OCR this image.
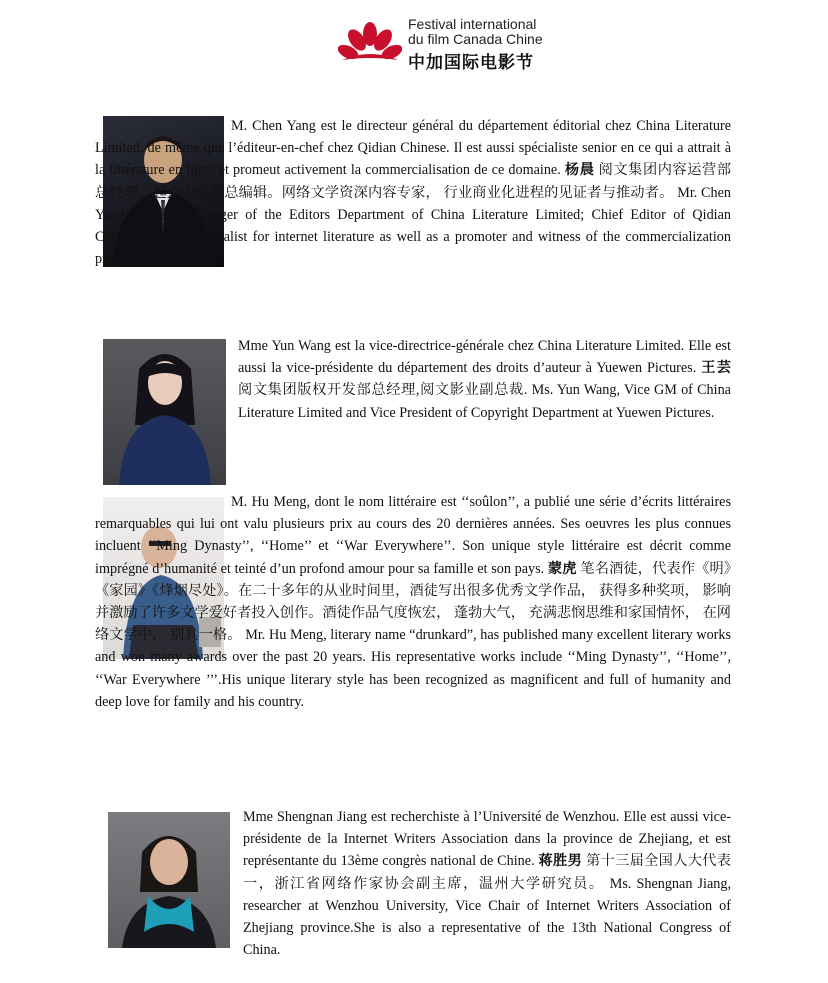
Festival international
du film Canada Chine
中加国际电影节

M. Chen Yang est le directeur général du département éditorial chez China Literature Limited, de même que l’éditeur-en-chef chez Qidian Chinese. Il est aussi spécialiste senior en ce qui a attrait à la littérature en ligne et promeut activement la commercialisation de ce domaine. 杨晨 阅文集团内容运营部总经理、起点中文网总编辑。网络文学资深内容专家， 行业商业化进程的见证者与推动者。 Mr. Chen Yang, General Manager of the Editors Department of China Literature Limited; Chief Editor of Qidian Chinese; Senior Specialist for internet literature as well as a promoter and witness of the commercialization process of this field.

Mme Yun Wang est la vice-directrice-générale chez China Literature Limited. Elle est aussi la vice-présidente du département des droits d’auteur à Yuewen Pictures. 王芸 阅文集团版权开发部总经理,阅文影业副总裁. Ms. Yun Wang, Vice GM of China Literature Limited and Vice President of Copyright Department at Yuewen Pictures.

M. Hu Meng, dont le nom littéraire est ‘‘soûlon’’, a publié une série d’écrits littéraires remarquables qui lui ont valu plusieurs prix au cours des 20 dernières années. Ses oeuvres les plus connues incluent ‘‘Ming Dynasty’’, ‘‘Home’’ et ‘‘War Everywhere’’. Son unique style littéraire est décrit comme imprégné d’humanité et teinté d’un profond amour pour sa famille et son pays. 蒙虎 笔名酒徒，代表作《明》《家园》《烽烟尽处》。在二十多年的从业时间里，酒徒写出很多优秀文学作品， 获得多种奖项， 影响并激励了许多文学爱好者投入创作。酒徒作品气度恢宏， 蓬勃大气， 充满悲悯思维和家国情怀， 在网络文学中， 别具一格。 Mr. Hu Meng, literary name “drunkard”, has published many excellent literary works and won many awards over the past 20 years. His representative works include ‘‘Ming Dynasty’’, ‘‘Home’’, ‘‘War Everywhere ’’’.His unique literary style has been recognized as magnificent and full of humanity and deep love for family and his country.

Mme Shengnan Jiang est recherchiste à l’Université de Wenzhou. Elle est aussi vice-présidente de la Internet Writers Association dans la province de Zhejiang, et est représentante du 13ème congrès national de Chine. 蒋胜男 第十三届全国人大代表一，浙江省网络作家协会副主席，温州大学研究员。 Ms. Shengnan Jiang, researcher at Wenzhou University, Vice Chair of Internet Writers Association of Zhejiang province.She is also a representative of the 13th National Congress of China.
